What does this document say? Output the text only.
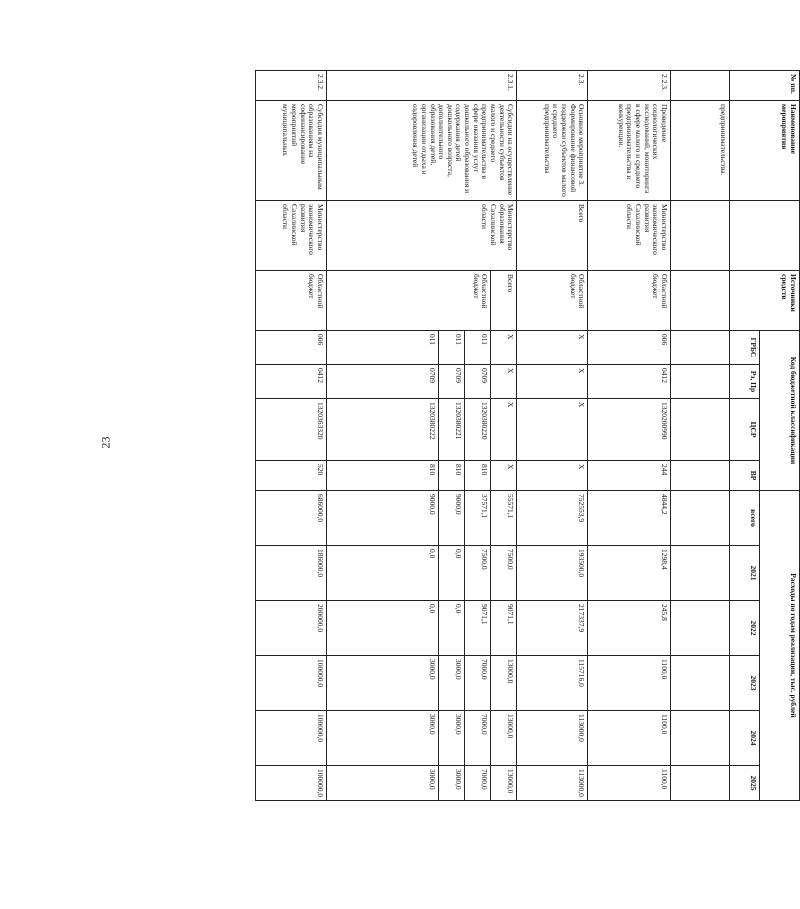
23
№ пп.	Наименование мероприятия		Источники средств	Код бюджетной классификации				Расходы по годам реализации, тыс. рублей					
				ГРБС	Рз, Пр	ЦСР	ВР	всего	2021	2022	2023	2024	2025
	предпринимательства.												
2.2.3.	Проведение социологических исследований, мониторинга в сфере малого и среднего предпринимательства и конкуренции.	Министерство экономического развития Сахалинской области	Областной бюджет	006	0412	1320200990	244	4844,2	1298,4	245,8	1100,0	1100,0	1100,0
2.3.	Основное мероприятие 3. Формирование финансовой поддержки субъектов малого и среднего предпринимательства	Всего	Областной бюджет	Х	Х	Х	Х	752553,9	193500,0	217337,9	115716,0	113000,0	113000,0
2.3.1.	Субсидии на осуществление деятельности субъектов малого и среднего предпринимательства в сфере оказания услуг дошкольного образования и содержания детей дошкольного возраста, дополнительного образования детей, организации отдыха и оздоровления детей	Министерство образования Сахалинской области	Всего	Х	Х	Х	Х	55571,1	7500,0	9071,1	13000,0	13000,0	13000,0
			Областной бюджет	011	0709	1320380220	810	37571,1	7500,0	9071,1	7000,0	7000,0	7000,0
				011	0709	1320380221	810	9000,0	0,0	0,0	3000,0	3000,0	3000,0
				011	0709	1320380222	810	9000,0	0,0	0,0	3000,0	3000,0	3000,0
2.3.2.	Субсидия муниципальным образованиям на софинансирование мероприятий муниципальных	Министерство экономического развития Сахалинской области	Областной бюджет	006	0412	1320363320	520	686000,0	186000,0	200000,0	100000,0	100000,0	100000,0
